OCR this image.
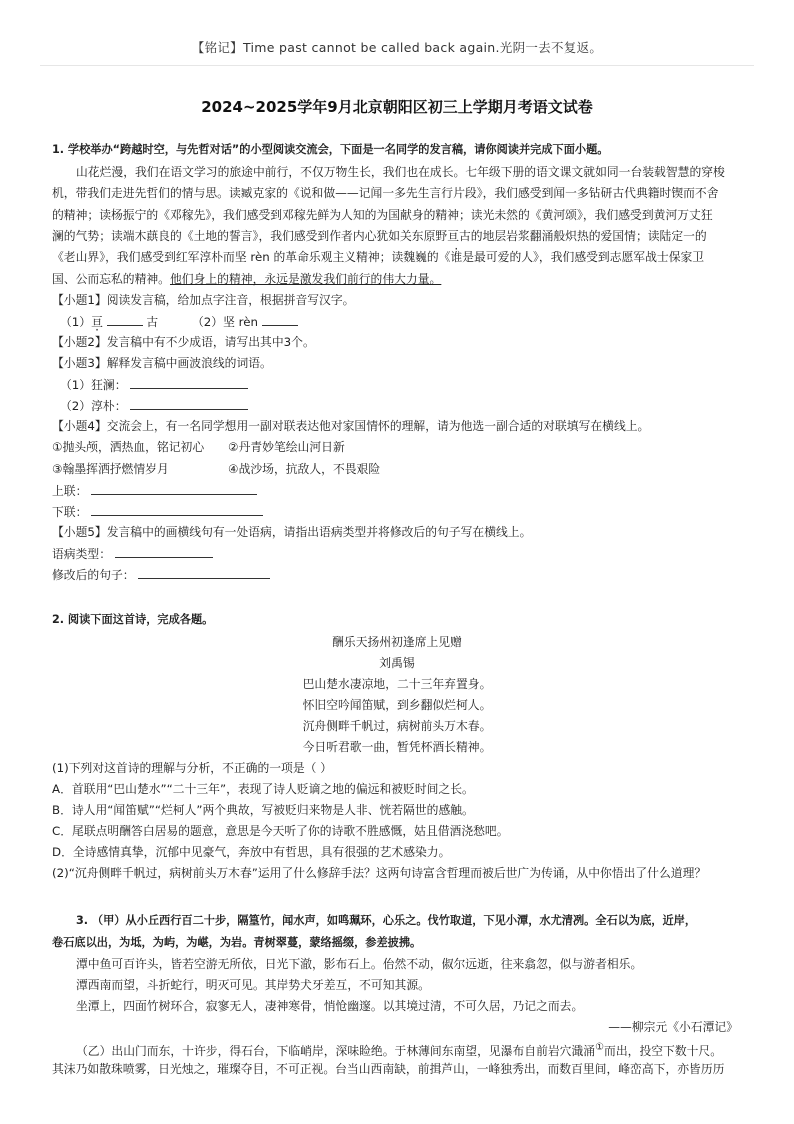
【铭记】Time past cannot be called back again.光阴一去不复返。
2024~2025学年9月北京朝阳区初三上学期月考语文试卷
1. 学校举办“跨越时空，与先哲对话”的小型阅读交流会，下面是一名同学的发言稿，请你阅读并完成下面小题。
山花烂漫，我们在语文学习的旅途中前行，不仅万物生长，我们也在成长。七年级下册的语文课文就如同一台装载智慧的穿梭
机，带我们走进先哲们的情与思。读臧克家的《说和做——记闻一多先生言行片段》，我们感受到闻一多钻研古代典籍时锲而不舍
的精神；读杨振宁的《邓稼先》，我们感受到邓稼先鲜为人知的为国献身的精神；读光未然的《黄河颂》，我们感受到黄河万丈狂
澜的气势；读端木蕻良的《土地的誓言》，我们感受到作者内心犹如关东原野亘古的地层岩浆翻涌般炽热的爱国情；读陆定一的
《老山界》，我们感受到红军淳朴而坚 rèn 的革命乐观主义精神；读魏巍的《谁是最可爱的人》，我们感受到志愿军战士保家卫
国、公而忘私的精神。他们身上的精神，永远是激发我们前行的伟大力量。
【小题1】阅读发言稿，给加点字注音，根据拼音写汉字。
（1）亘	古	（2）坚 rèn
【小题2】发言稿中有不少成语，请写出其中3个。
【小题3】解释发言稿中画波浪线的词语。
（1）狂澜：
（2）淳朴：
【小题4】交流会上，有一名同学想用一副对联表达他对家国情怀的理解，请为他选一副合适的对联填写在横线上。
①抛头颅，洒热血，铭记初心 ②丹青妙笔绘山河日新
③翰墨挥洒抒燃情岁月	④战沙场，抗敌人，不畏艰险
上联：
下联：
【小题5】发言稿中的画横线句有一处语病，请指出语病类型并将修改后的句子写在横线上。
语病类型：
修改后的句子：
2. 阅读下面这首诗，完成各题。
酬乐天扬州初逢席上见赠
刘禹锡
巴山楚水凄凉地，二十三年弃置身。
怀旧空吟闻笛赋，到乡翻似烂柯人。
沉舟侧畔千帆过，病树前头万木春。
今日听君歌一曲，暂凭杯酒长精神。
(1)下列对这首诗的理解与分析，不正确的一项是（ ）
A．首联用“巴山楚水”“二十三年”，表现了诗人贬谪之地的偏远和被贬时间之长。
B．诗人用“闻笛赋”“烂柯人”两个典故，写被贬归来物是人非、恍若隔世的感触。
C．尾联点明酬答白居易的题意，意思是今天听了你的诗歌不胜感慨，姑且借酒浇愁吧。
D．全诗感情真挚，沉郁中见豪气，奔放中有哲思，具有很强的艺术感染力。
(2)“沉舟侧畔千帆过，病树前头万木春”运用了什么修辞手法？这两句诗富含哲理而被后世广为传诵，从中你悟出了什么道理？
3. （甲）从小丘西行百二十步，隔篁竹，闻水声，如鸣珮环，心乐之。伐竹取道，下见小潭，水尤清冽。全石以为底，近岸，
卷石底以出，为坻，为屿，为嵁，为岩。青树翠蔓，蒙络摇缀，参差披拂。
潭中鱼可百许头，皆若空游无所依，日光下澈，影布石上。佁然不动，俶尔远逝，往来翕忽，似与游者相乐。
潭西南而望，斗折蛇行，明灭可见。其岸势犬牙差互，不可知其源。
坐潭上，四面竹树环合，寂寥无人，凄神寒骨，悄怆幽邃。以其境过清，不可久居，乃记之而去。
——柳宗元《小石潭记》
（乙）出山门而东，十许步，得石台，下临峭岸，深味睑绝。于林薄间东南望，见瀑布自前岩穴濈涌①而出，投空下数十尺。
其沫乃如散珠喷雾，日光烛之，璀璨夺目，不可正视。台当山西南缺，前揖芦山，一峰独秀出，而数百里间，峰峦高下，亦皆历历
